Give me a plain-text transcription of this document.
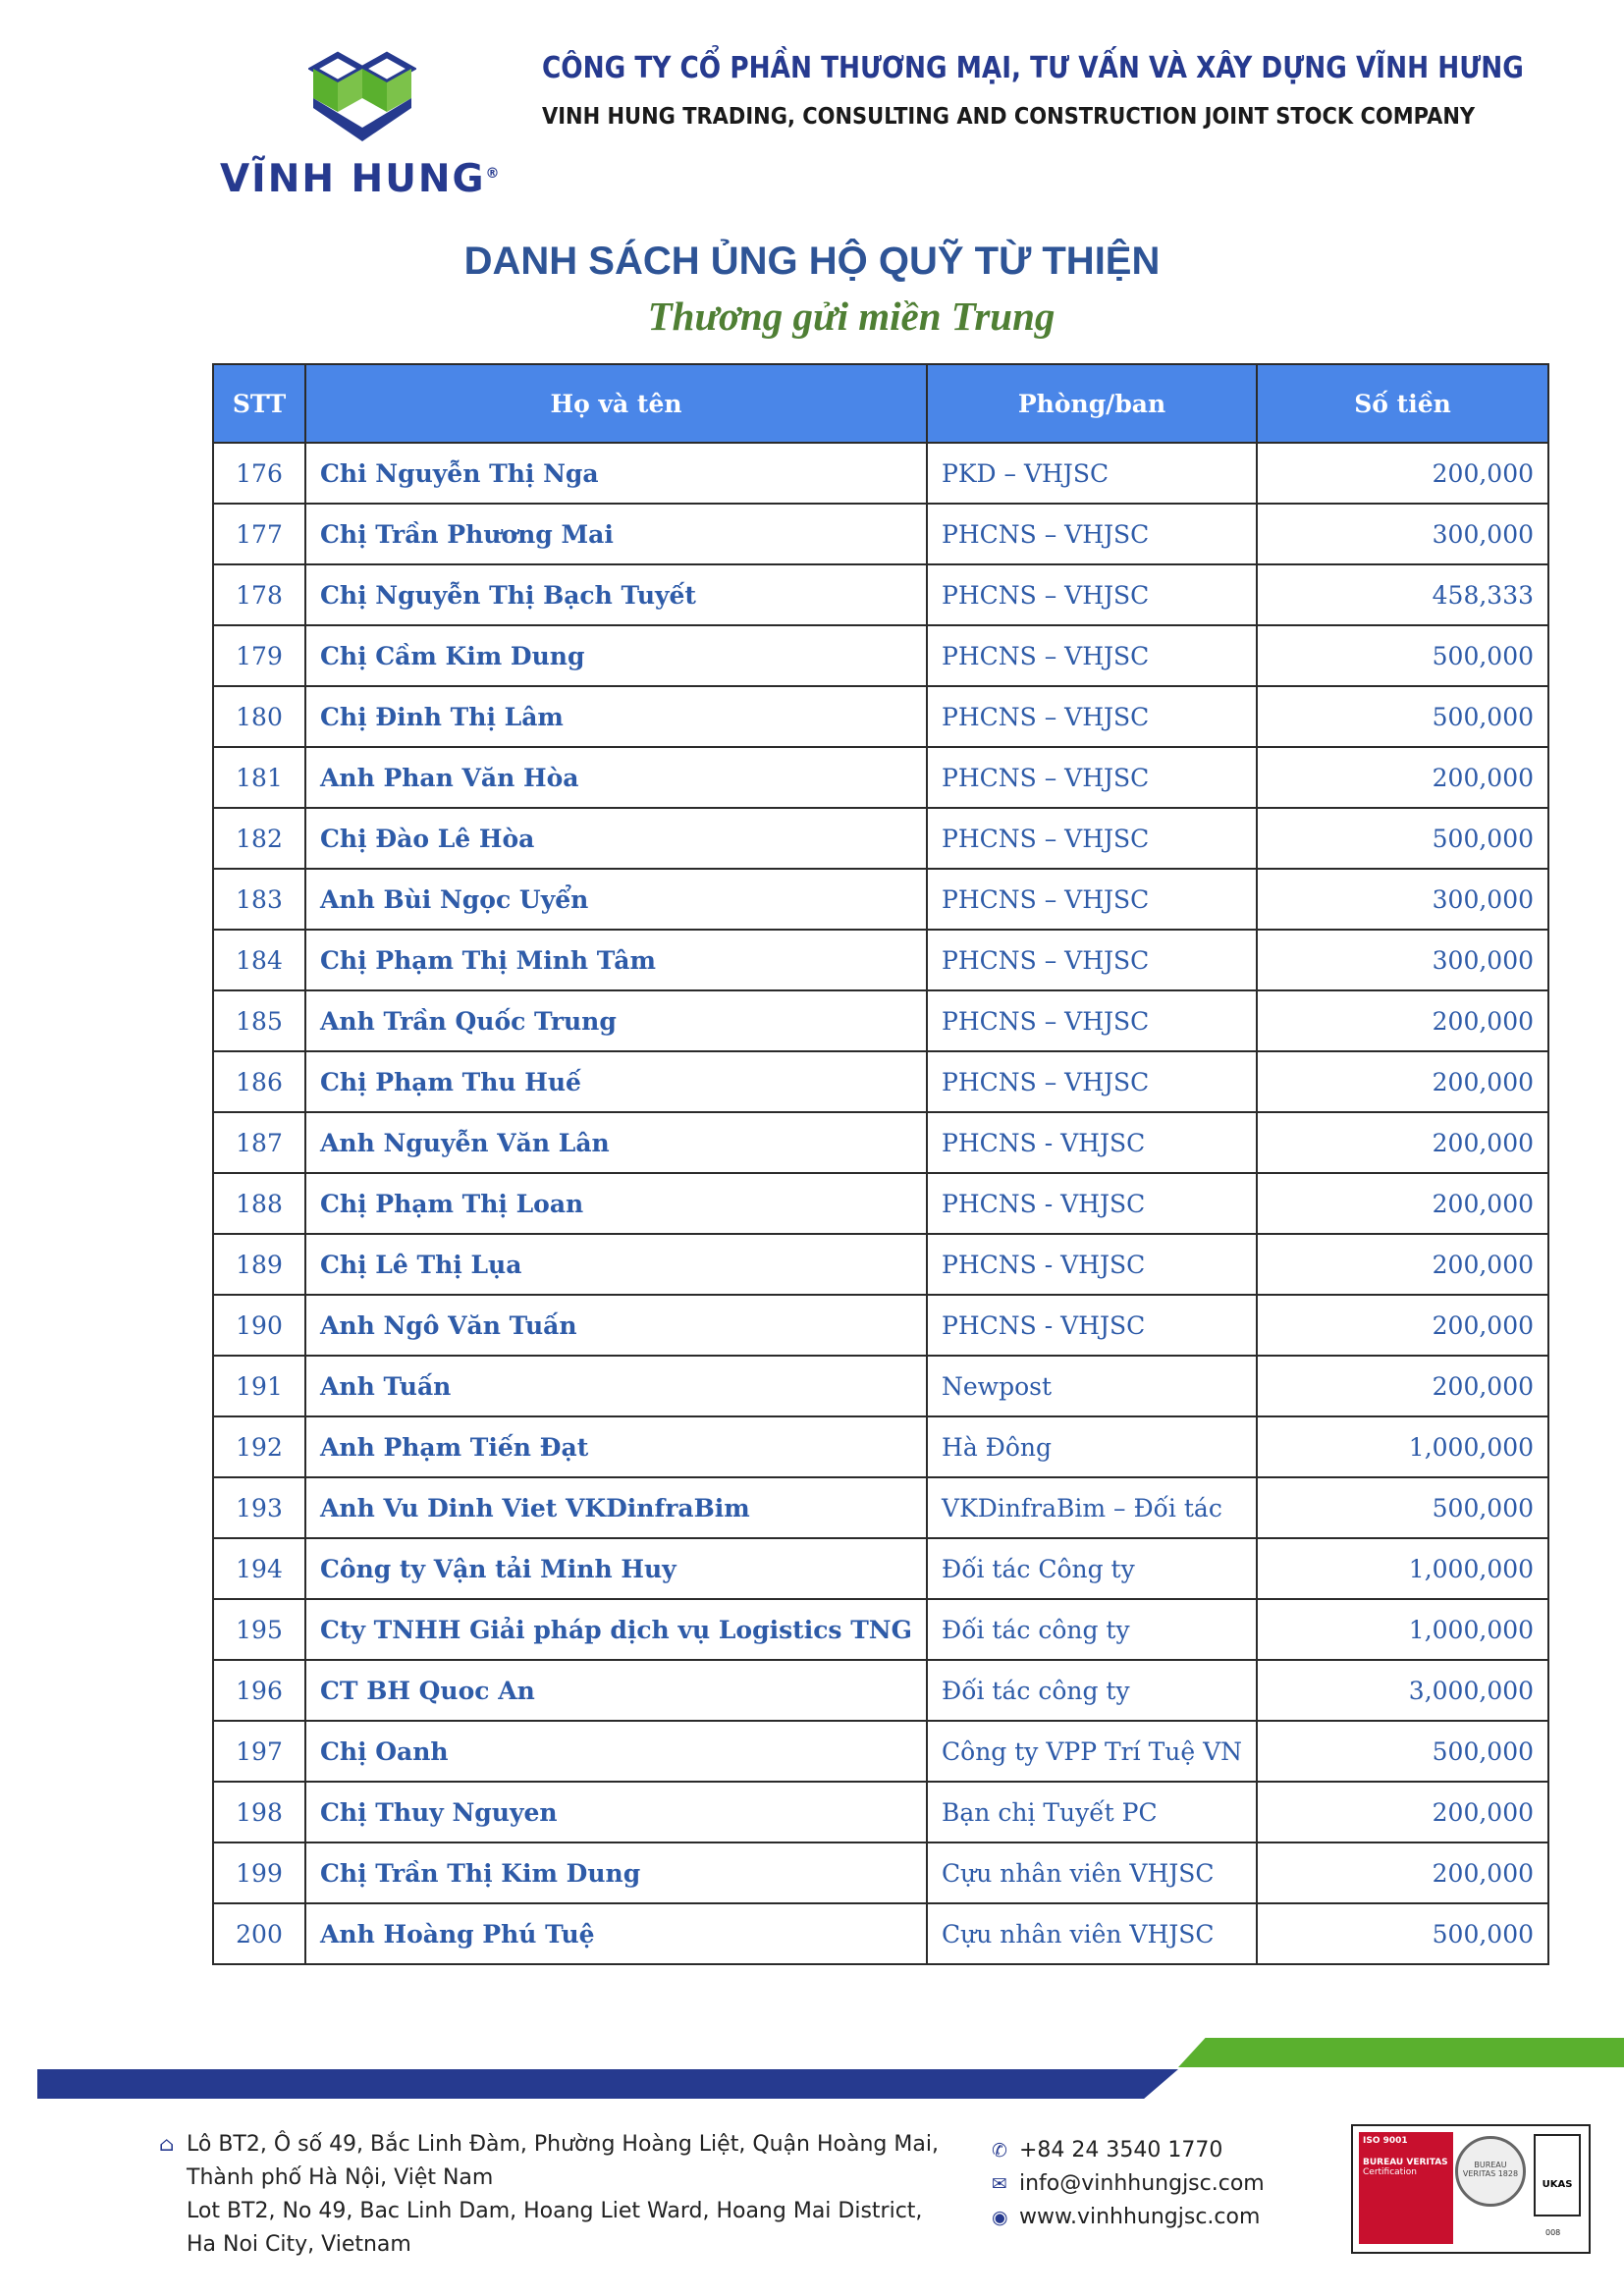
VĨNH HUNG®
CÔNG TY CỔ PHẦN THƯƠNG MẠI, TƯ VẤN VÀ XÂY DỰNG VĨNH HƯNG
VINH HUNG TRADING, CONSULTING AND CONSTRUCTION JOINT STOCK COMPANY
DANH SÁCH ỦNG HỘ QUỸ TỪ THIỆN
Thương gửi miền Trung
STT	Họ và tên	Phòng/ban	Số tiền
176	Chi Nguyễn Thị Nga	PKD – VHJSC	200,000
177	Chị Trần Phương Mai	PHCNS – VHJSC	300,000
178	Chị Nguyễn Thị Bạch Tuyết	PHCNS – VHJSC	458,333
179	Chị Cầm Kim Dung	PHCNS – VHJSC	500,000
180	Chị Đinh Thị Lâm	PHCNS – VHJSC	500,000
181	Anh Phan Văn Hòa	PHCNS – VHJSC	200,000
182	Chị Đào Lê Hòa	PHCNS – VHJSC	500,000
183	Anh Bùi Ngọc Uyển	PHCNS – VHJSC	300,000
184	Chị Phạm Thị Minh Tâm	PHCNS – VHJSC	300,000
185	Anh Trần Quốc Trung	PHCNS – VHJSC	200,000
186	Chị Phạm Thu Huế	PHCNS – VHJSC	200,000
187	Anh Nguyễn Văn Lân	PHCNS - VHJSC	200,000
188	Chị Phạm Thị Loan	PHCNS - VHJSC	200,000
189	Chị Lê Thị Lụa	PHCNS - VHJSC	200,000
190	Anh Ngô Văn Tuấn	PHCNS - VHJSC	200,000
191	Anh Tuấn	Newpost	200,000
192	Anh Phạm Tiến Đạt	Hà Đông	1,000,000
193	Anh Vu Dinh Viet VKDinfraBim	VKDinfraBim – Đối tác	500,000
194	Công ty Vận tải Minh Huy	Đối tác Công ty	1,000,000
195	Cty TNHH Giải pháp dịch vụ Logistics TNG	Đối tác công ty	1,000,000
196	CT BH Quoc An	Đối tác công ty	3,000,000
197	Chị Oanh	Công ty VPP Trí Tuệ VN	500,000
198	Chị Thuy Nguyen	Bạn chị Tuyết PC	200,000
199	Chị Trần Thị Kim Dung	Cựu nhân viên VHJSC	200,000
200	Anh Hoàng Phú Tuệ	Cựu nhân viên VHJSC	500,000
⌂ Lô BT2, Ô số 49, Bắc Linh Đàm, Phường Hoàng Liệt, Quận Hoàng Mai,
Thành phố Hà Nội, Việt Nam
Lot BT2, No 49, Bac Linh Dam, Hoang Liet Ward, Hoang Mai District,
Ha Noi City, Vietnam
✆ +84 24 3540 1770
✉ info@vinhhungjsc.com
◉ www.vinhhungjsc.com
ISO 9001
BUREAU VERITAS
Certification
BUREAU VERITAS 1828
UKAS
008
